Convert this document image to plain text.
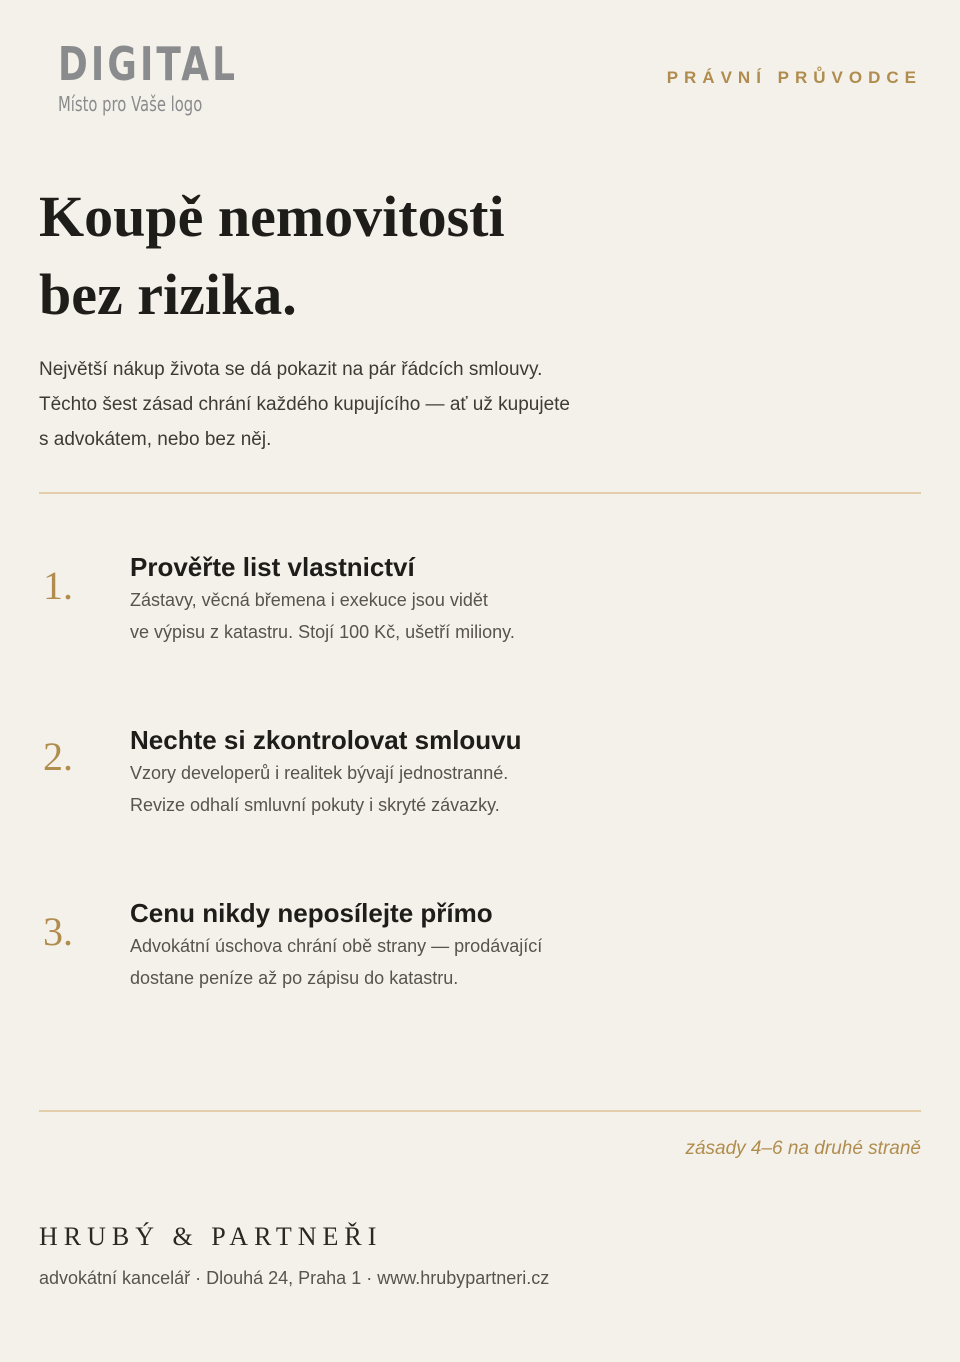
DIGITAL
Místo pro Vaše logo
PRÁVNÍ PRŮVODCE
Koupě nemovitosti
bez rizika.
Největší nákup života se dá pokazit na pár řádcích smlouvy.
Těchto šest zásad chrání každého kupujícího — ať už kupujete
s advokátem, nebo bez něj.
1. Prověřte list vlastnictví
Zástavy, věcná břemena i exekuce jsou vidět
ve výpisu z katastru. Stojí 100 Kč, ušetří miliony.
2. Nechte si zkontrolovat smlouvu
Vzory developerů i realitek bývají jednostranné.
Revize odhalí smluvní pokuty i skryté závazky.
3. Cenu nikdy neposílejte přímo
Advokátní úschova chrání obě strany — prodávající
dostane peníze až po zápisu do katastru.
zásady 4–6 na druhé straně
HRUBÝ & PARTNEŘI
advokátní kancelář · Dlouhá 24, Praha 1 · www.hrubypartneri.cz
